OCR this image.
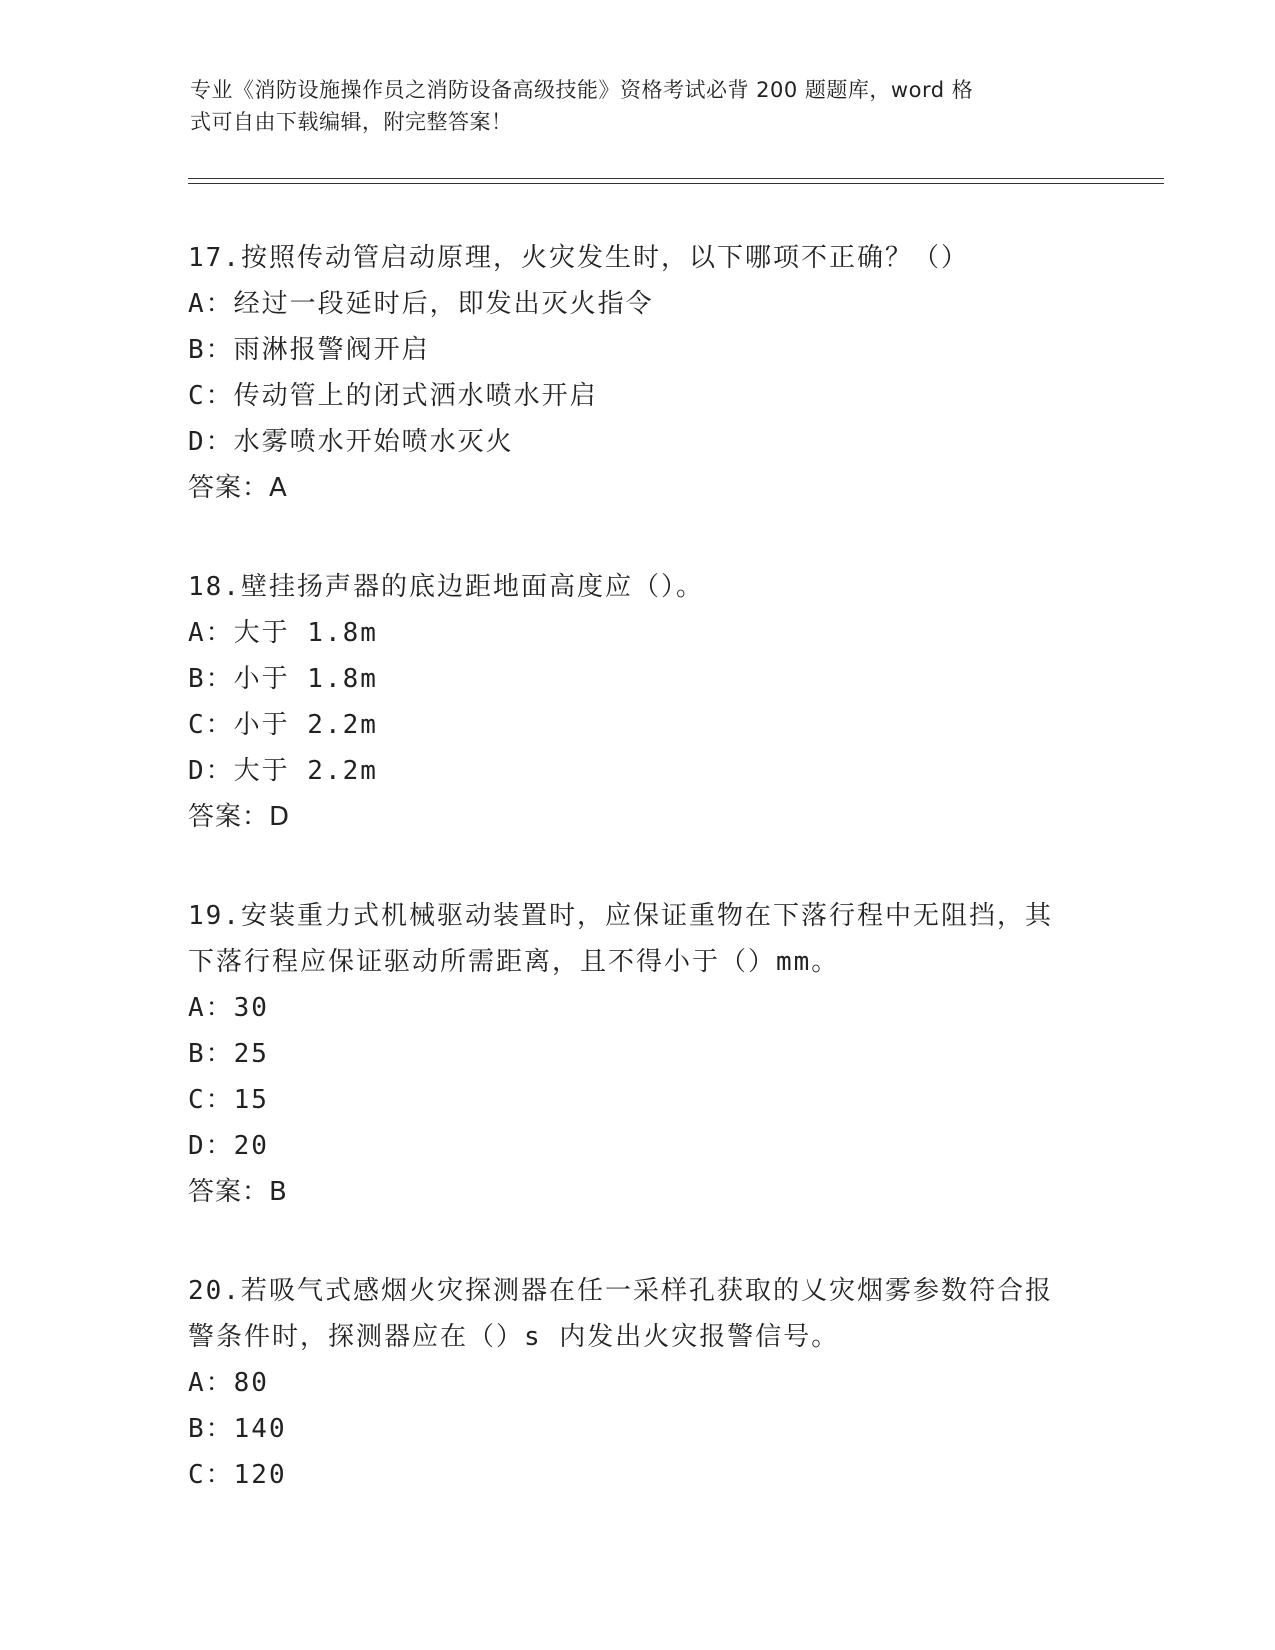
专业《消防设施操作员之消防设备高级技能》资格考试必背 200 题题库，word 格
式可自由下载编辑，附完整答案！
17.按照传动管启动原理，火灾发生时，以下哪项不正确？（）
A：经过一段延时后，即发出灭火指令
B：雨淋报警阀开启
C：传动管上的闭式洒水喷水开启
D：水雾喷水开始喷水灭火
答案：A
18.壁挂扬声器的底边距地面高度应（）。
A：大于 1.8m
B：小于 1.8m
C：小于 2.2m
D：大于 2.2m
答案：D
19.安装重力式机械驱动装置时，应保证重物在下落行程中无阻挡，其
下落行程应保证驱动所需距离，且不得小于（）mm。
A：30
B：25
C：15
D：20
答案：B
20.若吸气式感烟火灾探测器在任一采样孔获取的乂灾烟雾参数符合报
警条件时，探测器应在（）s 内发出火灾报警信号。
A：80
B：140
C：120
